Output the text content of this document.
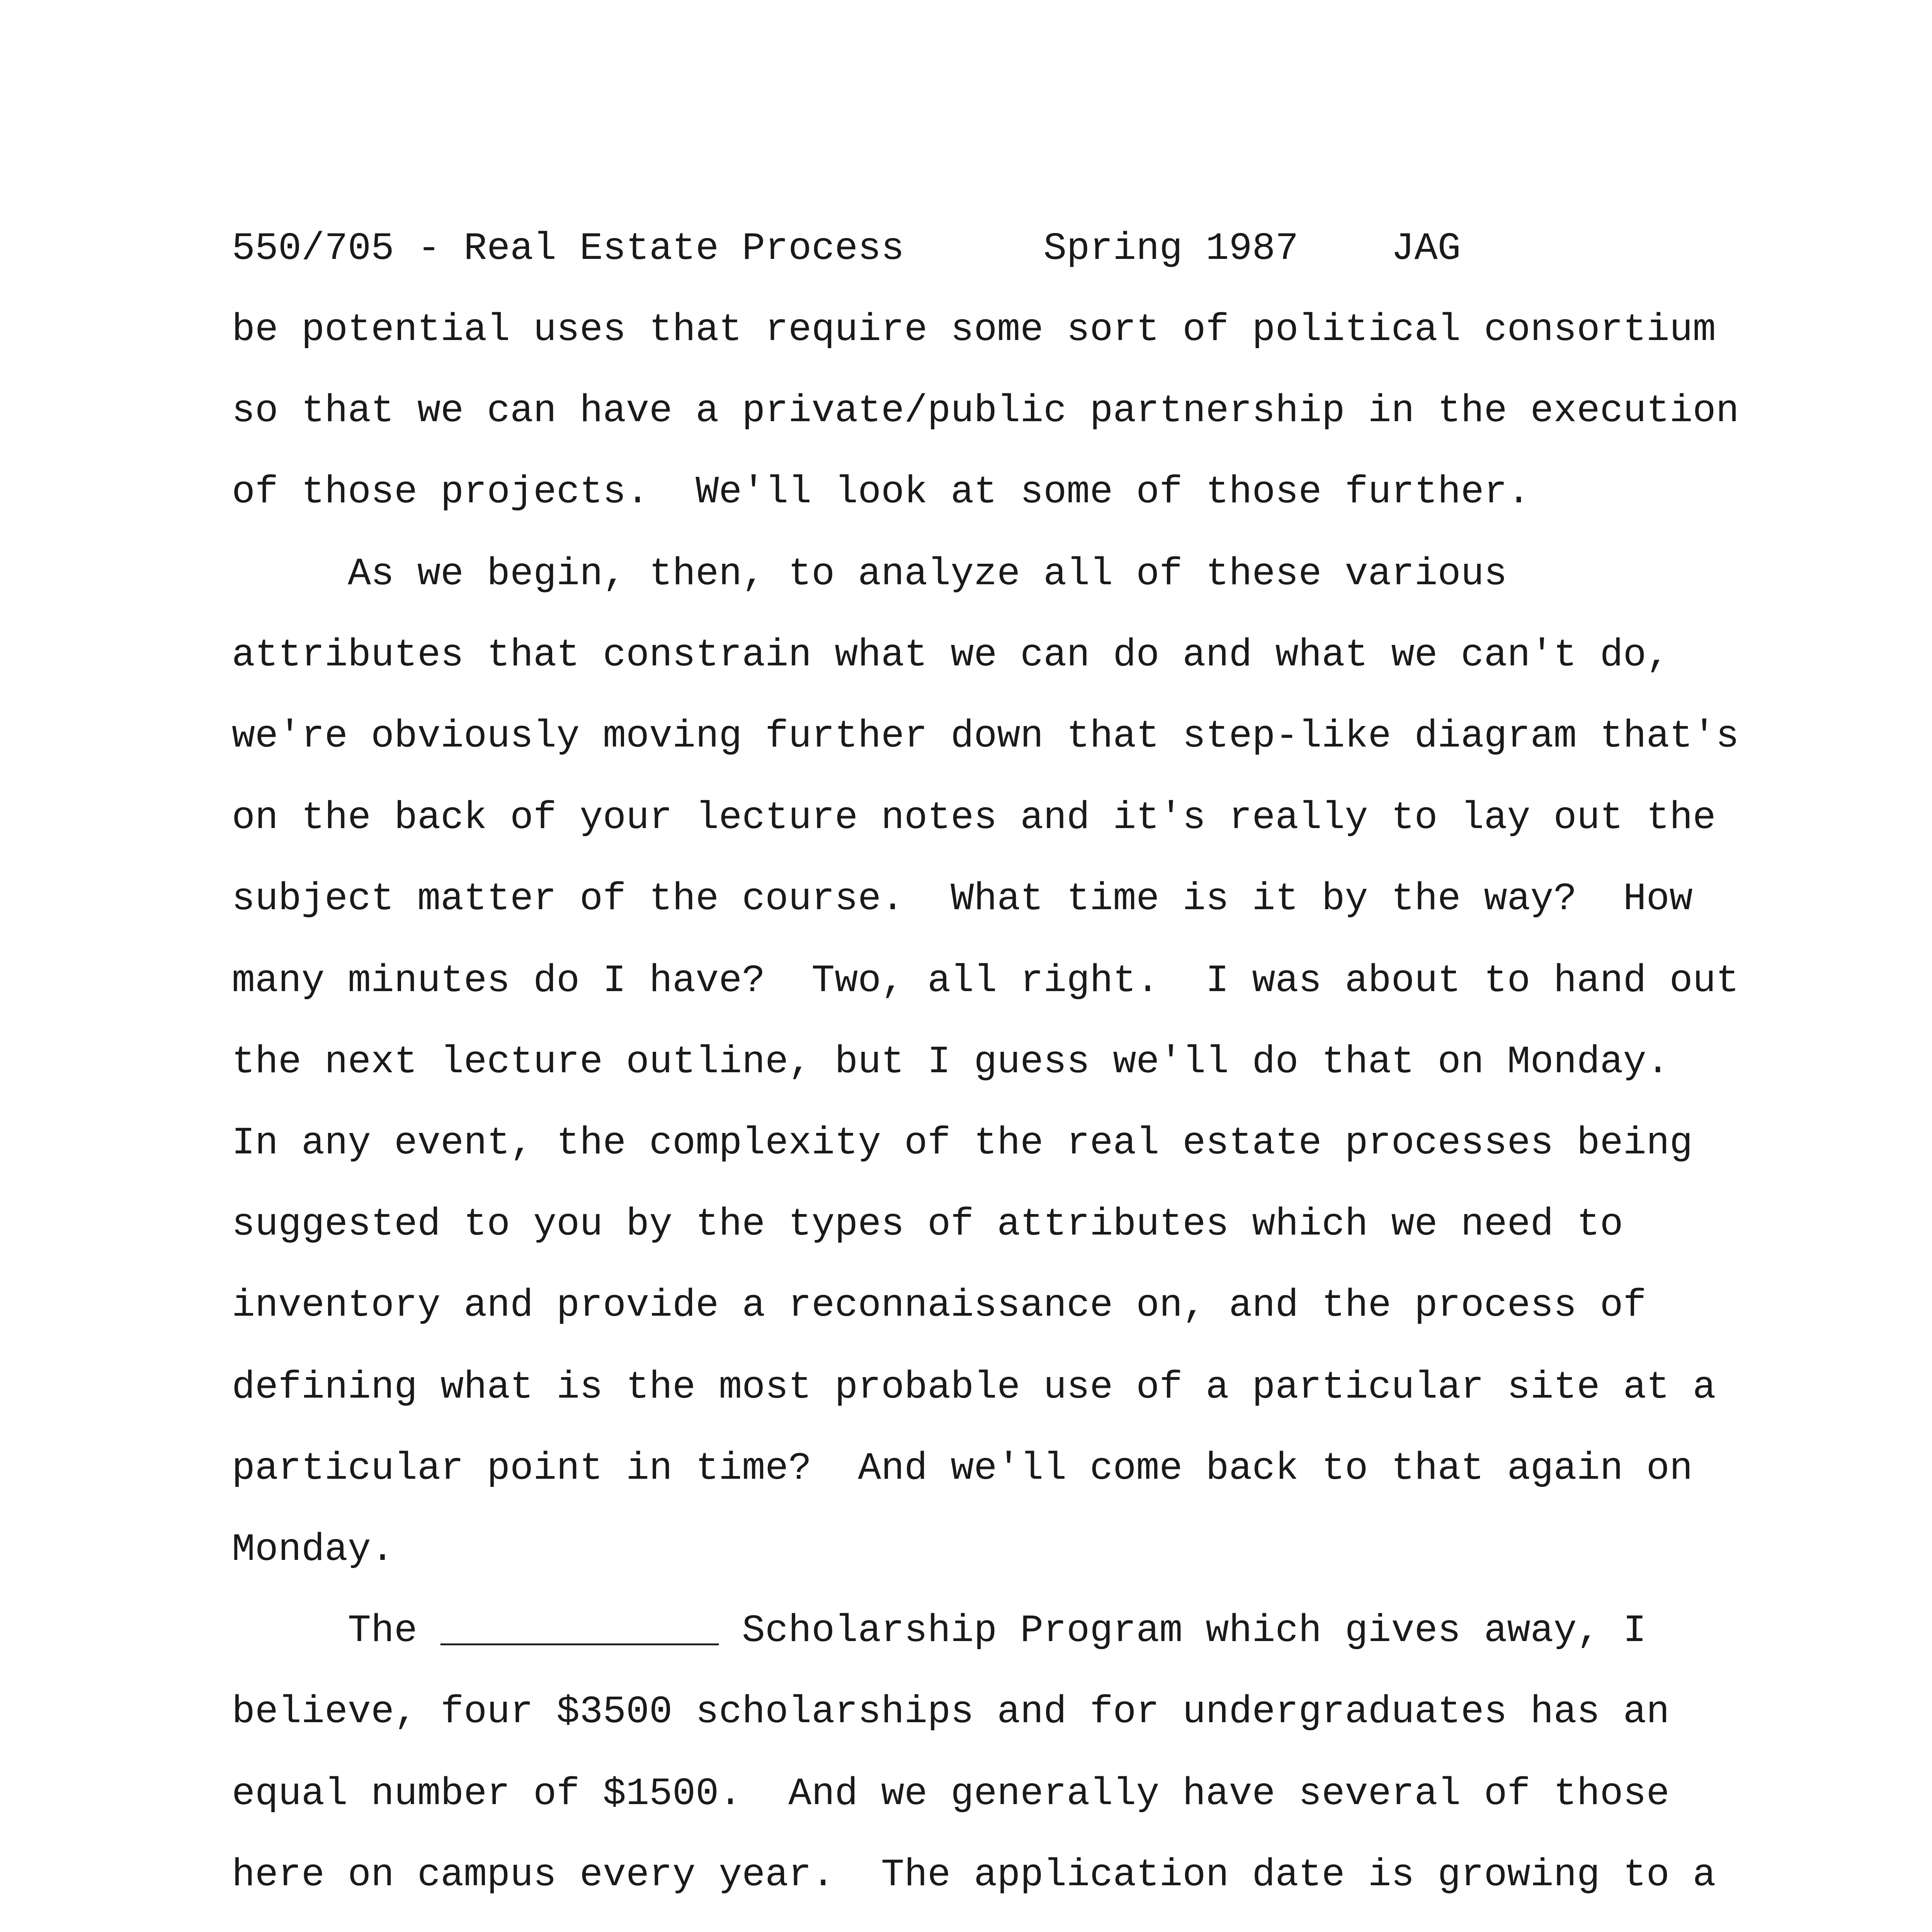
550/705 - Real Estate Process	Spring 1987 JAG
be potential uses that require some sort of political consortium
so that we can have a private/public partnership in the execution
of those projects.  We'll look at some of those further.
As we begin, then, to analyze all of these various
attributes that constrain what we can do and what we can't do,
we're obviously moving further down that step-like diagram that's
on the back of your lecture notes and it's really to lay out the
subject matter of the course.  What time is it by the way?  How
many minutes do I have?  Two, all right.  I was about to hand out
the next lecture outline, but I guess we'll do that on Monday.
In any event, the complexity of the real estate processes being
suggested to you by the types of attributes which we need to
inventory and provide a reconnaissance on, and the process of
defining what is the most probable use of a particular site at a
particular point in time?  And we'll come back to that again on
Monday.
The ____________ Scholarship Program which gives away, I
believe, four $3500 scholarships and for undergraduates has an
equal number of $1500.  And we generally have several of those
here on campus every year.  The application date is growing to a
